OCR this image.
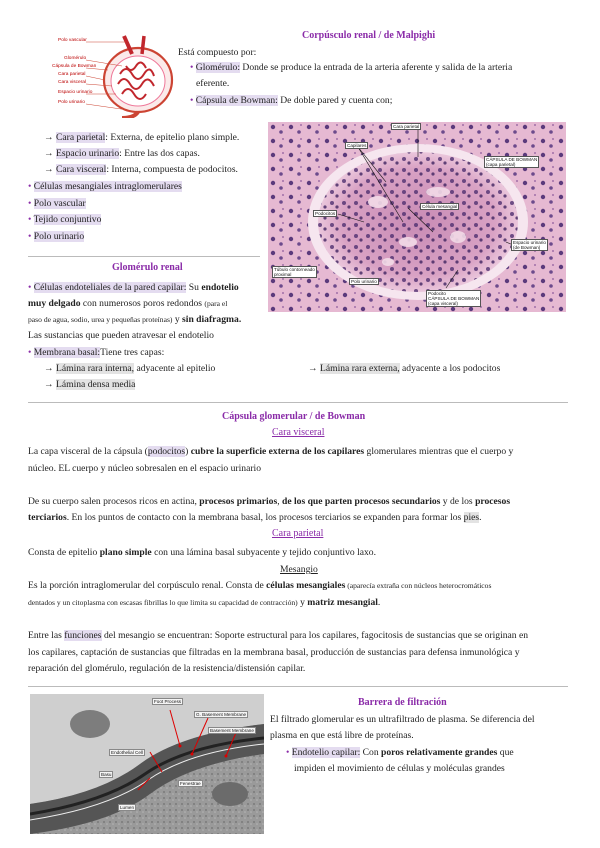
Polo vascular
Glomérulo
Cápsula de Bowman
Cara parietal
Cara visceral
Espacio urinario
Polo urinario
Corpúsculo renal / de Malpighi
Está compuesto por:
• Glomérulo: Donde se produce la entrada de la arteria aferente y salida de la arteria
eferente.
• Cápsula de Bowman: De doble pared y cuenta con;
→ Cara parietal: Externa, de epitelio plano simple.
→ Espacio urinario: Entre las dos capas.
→ Cara visceral: Interna, compuesta de podocitos.
• Células mesangiales intraglomerulares
• Polo vascular
• Tejido conjuntivo
• Polo urinario
Cara parietal
Capilares
CÁPSULA DE BOWMAN
(capa parietal)
Podocitos
Célula mesangial
Espacio urinario
(de Bowman)
Túbulo contorneado
proximal
Polo urinario
Podocito
CÁPSULA DE BOWMAN
(capa visceral)
Glomérulo renal
• Células endoteliales de la pared capilar: Su endotelio
muy delgado con numerosos poros redondos (para el
paso de agua, sodio, urea y pequeñas proteínas) y sin diafragma.
Las sustancias que pueden atravesar el endotelio
• Membrana basal:Tiene tres capas:
→ Lámina rara interna, adyacente al epitelio	→ Lámina rara externa, adyacente a los podocitos
→ Lámina densa media
Cápsula glomerular / de Bowman
Cara visceral
La capa visceral de la cápsula (podocitos) cubre la superficie externa de los capilares glomerulares mientras que el cuerpo y
núcleo. EL cuerpo y núcleo sobresalen en el espacio urinario
De su cuerpo salen procesos ricos en actina, procesos primarios, de los que parten procesos secundarios y de los procesos
terciarios. En los puntos de contacto con la membrana basal, los procesos terciarios se expanden para formar los pies.
Cara parietal
Consta de epitelio plano simple con una lámina basal subyacente y tejido conjuntivo laxo.
Mesangio
Es la porción intraglomerular del corpúsculo renal. Consta de células mesangiales (aparecía extraña con núcleos heterocromáticos
dentados y un citoplasma con escasas fibrillas lo que limita su capacidad de contracción) y matriz mesangial.
Entre las funciones del mesangio se encuentran: Soporte estructural para los capilares, fagocitosis de sustancias que se originan en
los capilares, captación de sustancias que filtradas en la membrana basal, producción de sustancias para defensa inmunológica y
reparación del glomérulo, regulación de la resistencia/distensión capilar.
Foot Process
G. Basement Membrane
Basement Membrane
Endothelial Cell
Fenestrae
Basu
Lumen
Barrera de filtración
El filtrado glomerular es un ultrafiltrado de plasma. Se diferencia del
plasma en que está libre de proteínas.
• Endotelio capilar: Con poros relativamente grandes que
impiden el movimiento de células y moléculas grandes
